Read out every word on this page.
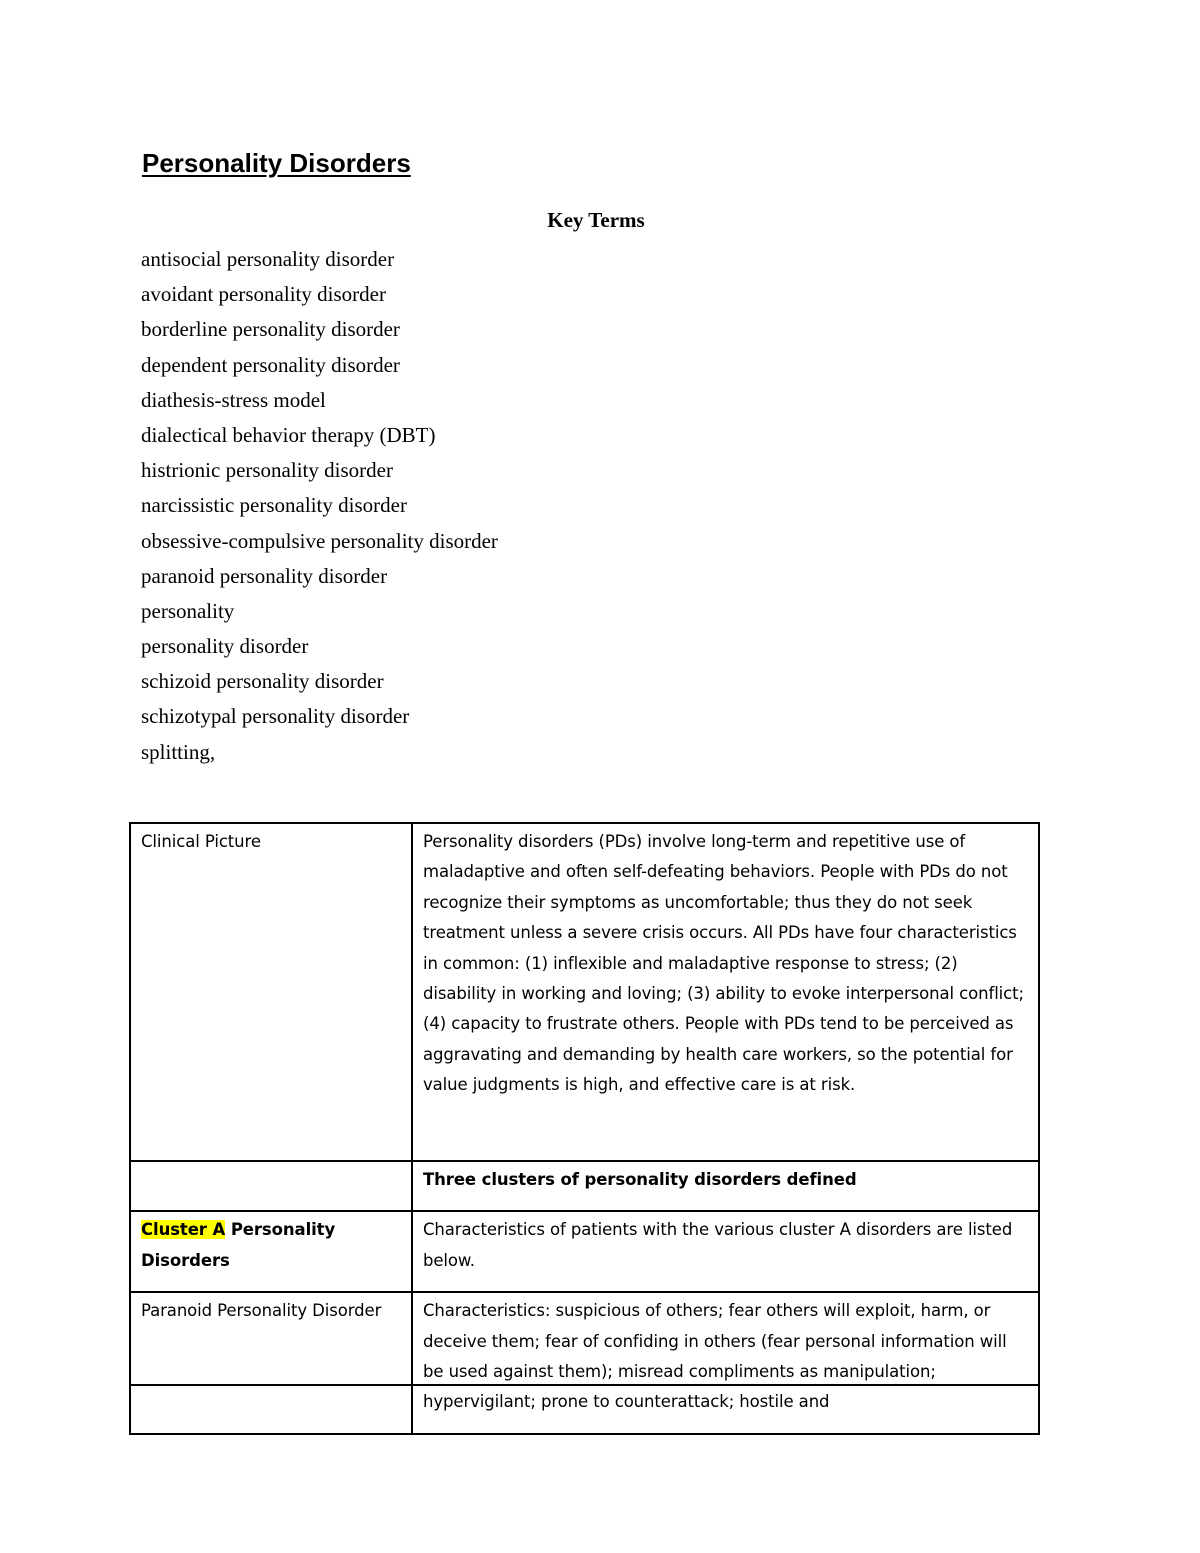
Personality Disorders
Key Terms
antisocial personality disorder
avoidant personality disorder
borderline personality disorder
dependent personality disorder
diathesis-stress model
dialectical behavior therapy (DBT)
histrionic personality disorder
narcissistic personality disorder
obsessive-compulsive personality disorder
paranoid personality disorder
personality
personality disorder
schizoid personality disorder
schizotypal personality disorder
splitting,
Clinical Picture	Personality disorders (PDs) involve long-term and repetitive use of maladaptive and often self-defeating behaviors. People with PDs do not recognize their symptoms as uncomfortable; thus they do not seek treatment unless a severe crisis occurs. All PDs have four characteristics in common: (1) inflexible and maladaptive response to stress; (2) disability in working and loving; (3) ability to evoke interpersonal conflict; (4) capacity to frustrate others. People with PDs tend to be perceived as aggravating and demanding by health care workers, so the potential for value judgments is high, and effective care is at risk.
	Three clusters of personality disorders defined
Cluster A Personality Disorders	Characteristics of patients with the various cluster A disorders are listed below.
Paranoid Personality Disorder	Characteristics: suspicious of others; fear others will exploit, harm, or deceive them; fear of confiding in others (fear personal information will be used against them); misread compliments as manipulation; hypervigilant; prone to counterattack; hostile and
